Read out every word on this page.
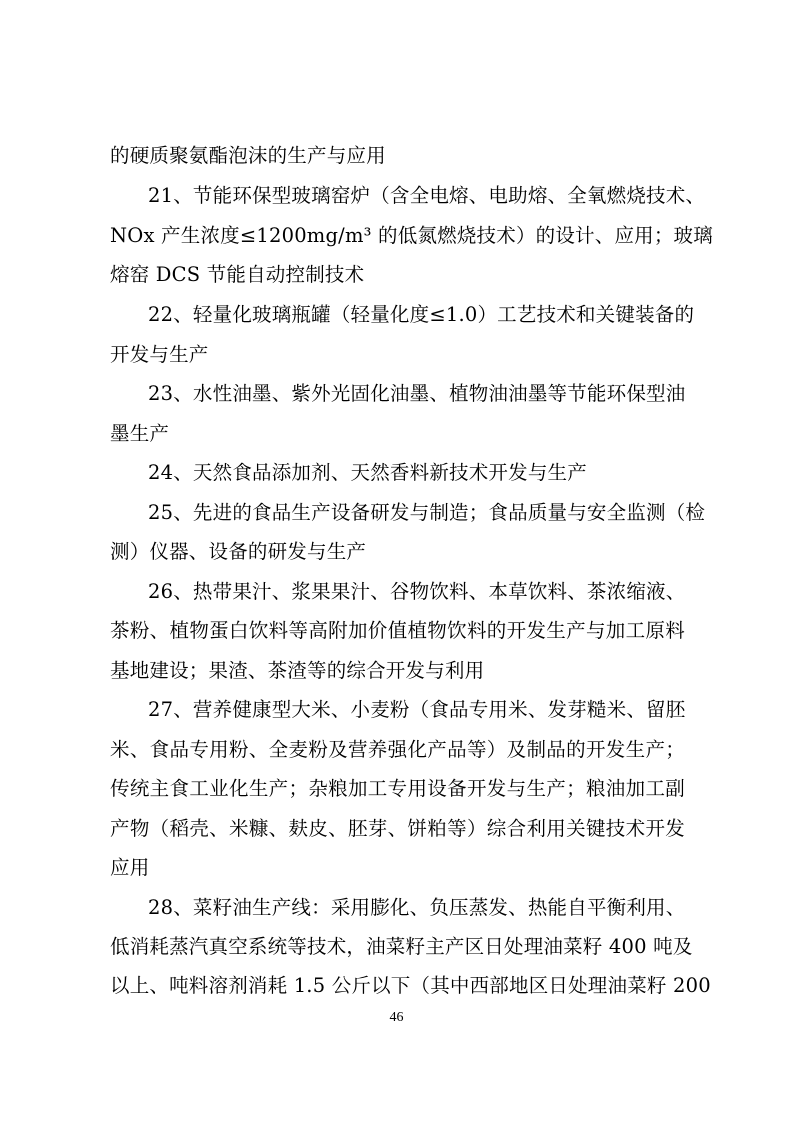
的硬质聚氨酯泡沫的生产与应用
21、节能环保型玻璃窑炉（含全电熔、电助熔、全氧燃烧技术、
NOx 产生浓度≤1200mg/m³ 的低氮燃烧技术）的设计、应用；玻璃
熔窑 DCS 节能自动控制技术
22、轻量化玻璃瓶罐（轻量化度≤1.0）工艺技术和关键装备的
开发与生产
23、水性油墨、紫外光固化油墨、植物油油墨等节能环保型油
墨生产
24、天然食品添加剂、天然香料新技术开发与生产
25、先进的食品生产设备研发与制造；食品质量与安全监测（检
测）仪器、设备的研发与生产
26、热带果汁、浆果果汁、谷物饮料、本草饮料、茶浓缩液、
茶粉、植物蛋白饮料等高附加价值植物饮料的开发生产与加工原料
基地建设；果渣、茶渣等的综合开发与利用
27、营养健康型大米、小麦粉（食品专用米、发芽糙米、留胚
米、食品专用粉、全麦粉及营养强化产品等）及制品的开发生产；
传统主食工业化生产；杂粮加工专用设备开发与生产；粮油加工副
产物（稻壳、米糠、麸皮、胚芽、饼粕等）综合利用关键技术开发
应用
28、菜籽油生产线：采用膨化、负压蒸发、热能自平衡利用、
低消耗蒸汽真空系统等技术，油菜籽主产区日处理油菜籽 400 吨及
以上、吨料溶剂消耗 1.5 公斤以下（其中西部地区日处理油菜籽 200
46
